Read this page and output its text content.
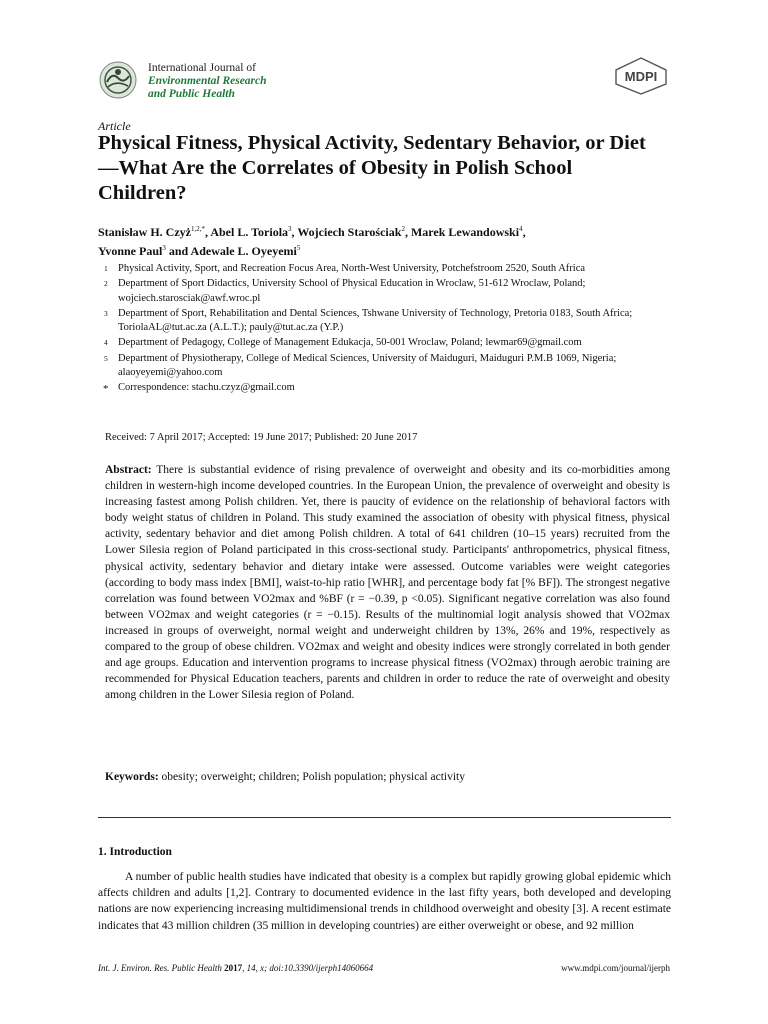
International Journal of
Environmental Research
and Public Health
MDPI
Article
Physical Fitness, Physical Activity, Sedentary Behavior, or Diet—What Are the Correlates of Obesity in Polish School Children?
Stanisław H. Czyż$^{1,2,*}$, Abel L. Toriola$^3$, Wojciech Starościak$^2$, Marek Lewandowski$^4$,
Yvonne Paul$^3$ and Adewale L. Oyeyemi$^5$
1 Physical Activity, Sport, and Recreation Focus Area, North-West University, Potchefstroom 2520, South Africa
2 Department of Sport Didactics, University School of Physical Education in Wroclaw, 51-612 Wroclaw, Poland; wojciech.starosciak@awf.wroc.pl
3 Department of Sport, Rehabilitation and Dental Sciences, Tshwane University of Technology, Pretoria 0183, South Africa; ToriolaAL@tut.ac.za (A.L.T.); pauly@tut.ac.za (Y.P.)
4 Department of Pedagogy, College of Management Edukacja, 50-001 Wroclaw, Poland; lewmar69@gmail.com
5 Department of Physiotherapy, College of Medical Sciences, University of Maiduguri, Maiduguri P.M.B 1069, Nigeria; alaoyeyemi@yahoo.com
* Correspondence: stachu.czyz@gmail.com
Received: 7 April 2017; Accepted: 19 June 2017; Published: 20 June 2017
Abstract: There is substantial evidence of rising prevalence of overweight and obesity and its co-morbidities among children in western-high income developed countries. In the European Union, the prevalence of overweight and obesity is increasing fastest among Polish children. Yet, there is paucity of evidence on the relationship of behavioral factors with body weight status of children in Poland. This study examined the association of obesity with physical fitness, physical activity, sedentary behavior and diet among Polish children. A total of 641 children (10–15 years) recruited from the Lower Silesia region of Poland participated in this cross-sectional study. Participants' anthropometrics, physical fitness, physical activity, sedentary behavior and dietary intake were assessed. Outcome variables were weight categories (according to body mass index [BMI], waist-to-hip ratio [WHR], and percentage body fat [% BF]). The strongest negative correlation was found between VO2max and %BF (r = −0.39, p <0.05). Significant negative correlation was also found between VO2max and weight categories (r = −0.15). Results of the multinomial logit analysis showed that VO2max increased in groups of overweight, normal weight and underweight children by 13%, 26% and 19%, respectively as compared to the group of obese children. VO2max and weight and obesity indices were strongly correlated in both gender and age groups. Education and intervention programs to increase physical fitness (VO2max) through aerobic training are recommended for Physical Education teachers, parents and children in order to reduce the rate of overweight and obesity among children in the Lower Silesia region of Poland.
Keywords: obesity; overweight; children; Polish population; physical activity
1. Introduction
A number of public health studies have indicated that obesity is a complex but rapidly growing global epidemic which affects children and adults [1,2]. Contrary to documented evidence in the last fifty years, both developed and developing nations are now experiencing increasing multidimensional trends in childhood overweight and obesity [3]. A recent estimate indicates that 43 million children (35 million in developing countries) are either overweight or obese, and 92 million
Int. J. Environ. Res. Public Health 2017, 14, x; doi:10.3390/ijerph14060664	www.mdpi.com/journal/ijerph
